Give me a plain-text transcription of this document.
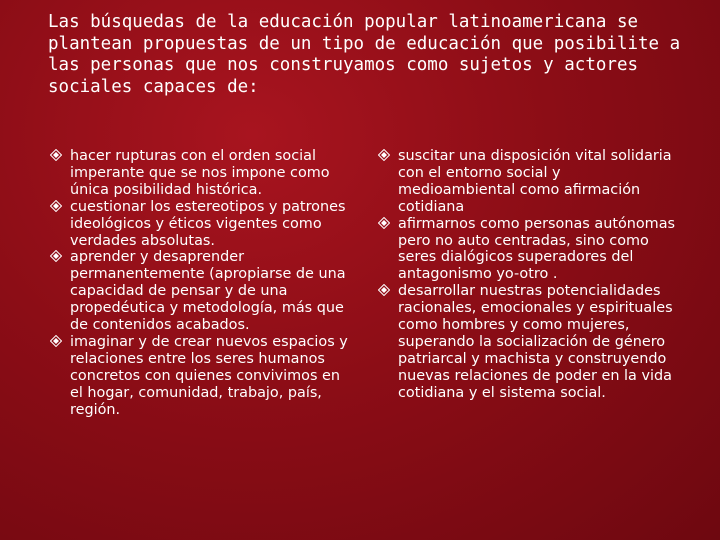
Las búsquedas de la educación popular latinoamericana se plantean propuestas de un tipo de educación que posibilite a las personas que nos construyamos como sujetos y actores sociales capaces de:
hacer rupturas con el orden social imperante que se nos impone como única posibilidad histórica.
cuestionar los estereotipos y patrones ideológicos y éticos vigentes como verdades absolutas.
aprender y desaprender permanentemente (apropiarse de una capacidad de pensar y de una propedéutica y metodología, más que de contenidos acabados.
imaginar y de crear nuevos espacios y relaciones entre los seres humanos concretos con quienes convivimos en el hogar, comunidad, trabajo, país, región.
suscitar una disposición vital solidaria con el entorno social y medioambiental como afirmación cotidiana
afirmarnos como personas autónomas pero no auto centradas, sino como seres dialógicos superadores del antagonismo yo-otro .
desarrollar nuestras potencialidades racionales, emocionales y espirituales como hombres y como mujeres, superando la socialización de género patriarcal y machista y construyendo nuevas relaciones de poder en la vida cotidiana y el sistema social.
